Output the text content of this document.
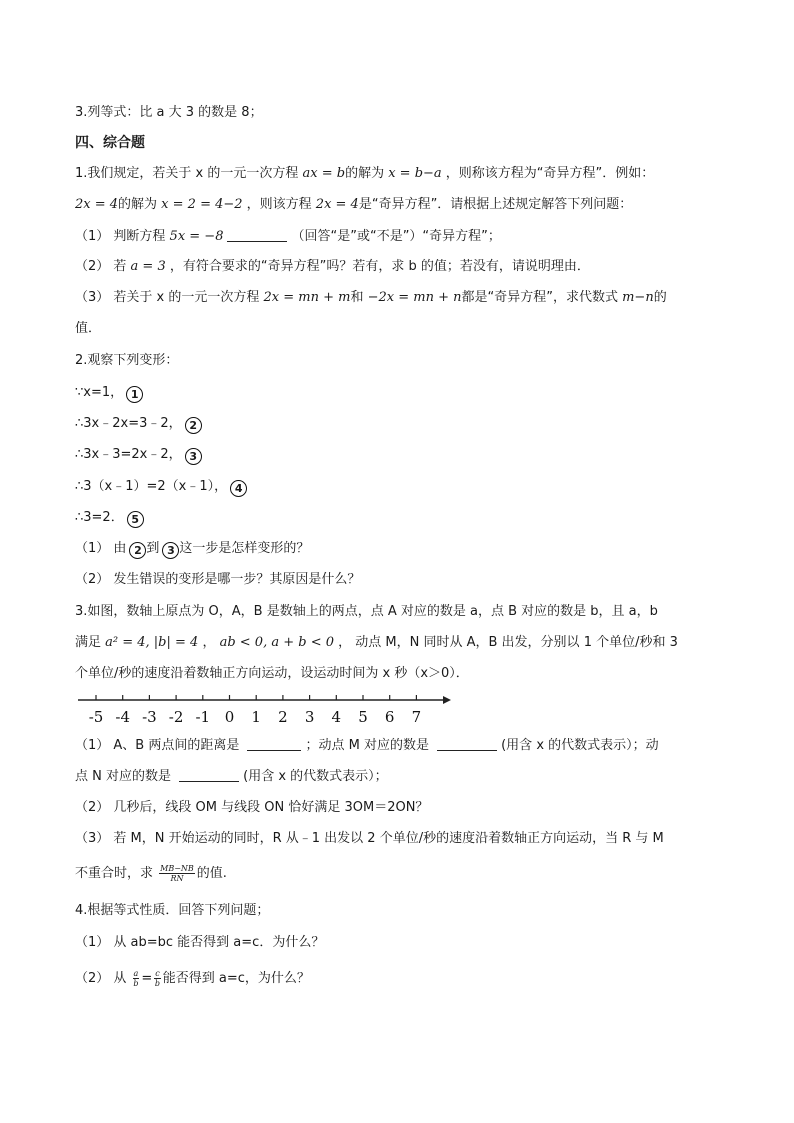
3.列等式：比 a 大 3 的数是 8；
四、综合题
1.我们规定，若关于 x 的一元一次方程 ax = b的解为 x = b−a ，则称该方程为“奇异方程”．例如：
2x = 4的解为 x = 2 = 4−2 ，则该方程 2x = 4是“奇异方程”．请根据上述规定解答下列问题：
（1） 判断方程 5x = −8	（回答“是”或“不是”）“奇异方程”；
（2） 若 a = 3 ，有符合要求的“奇异方程”吗？若有，求 b 的值；若没有，请说明理由．
（3） 若关于 x 的一元一次方程 2x = mn + m和 −2x = mn + n都是“奇异方程”，求代数式 m−n的
值．
2.观察下列变形：
∵x=1， 1
∴3x﹣2x=3﹣2， 2
∴3x﹣3=2x﹣2， 3
∴3（x﹣1）=2（x﹣1）， 4
∴3=2． 5
（1） 由 2 到 3 这一步是怎样变形的？
（2） 发生错误的变形是哪一步？其原因是什么？
3.如图，数轴上原点为 O，A，B 是数轴上的两点，点 A 对应的数是 a，点 B 对应的数是 b，且 a，b
满足 a² = 4, |b| = 4 ， ab < 0, a + b < 0 ， 动点 M，N 同时从 A，B 出发，分别以 1 个单位/秒和 3
个单位/秒的速度沿着数轴正方向运动，设运动时间为 x 秒（x＞0）．
-5 -4 -3 -2 -1 0 1 2 3 4 5 6 7
（1） A、B 两点间的距离是	；动点 M 对应的数是	(用含 x 的代数式表示）；动
点 N 对应的数是	(用含 x 的代数式表示）；
（2） 几秒后，线段 OM 与线段 ON 恰好满足 3OM＝2ON？
（3） 若 M，N 开始运动的同时，R 从﹣1 出发以 2 个单位/秒的速度沿着数轴正方向运动，当 R 与 M
不重合时，求 $\frac{MB-NB}{RN}$ 的值.
4.根据等式性质．回答下列问题；
（1） 从 ab=bc 能否得到 a=c．为什么？
（2） 从 $\frac{a}{b} = \frac{c}{b}$ 能否得到 a=c，为什么？
